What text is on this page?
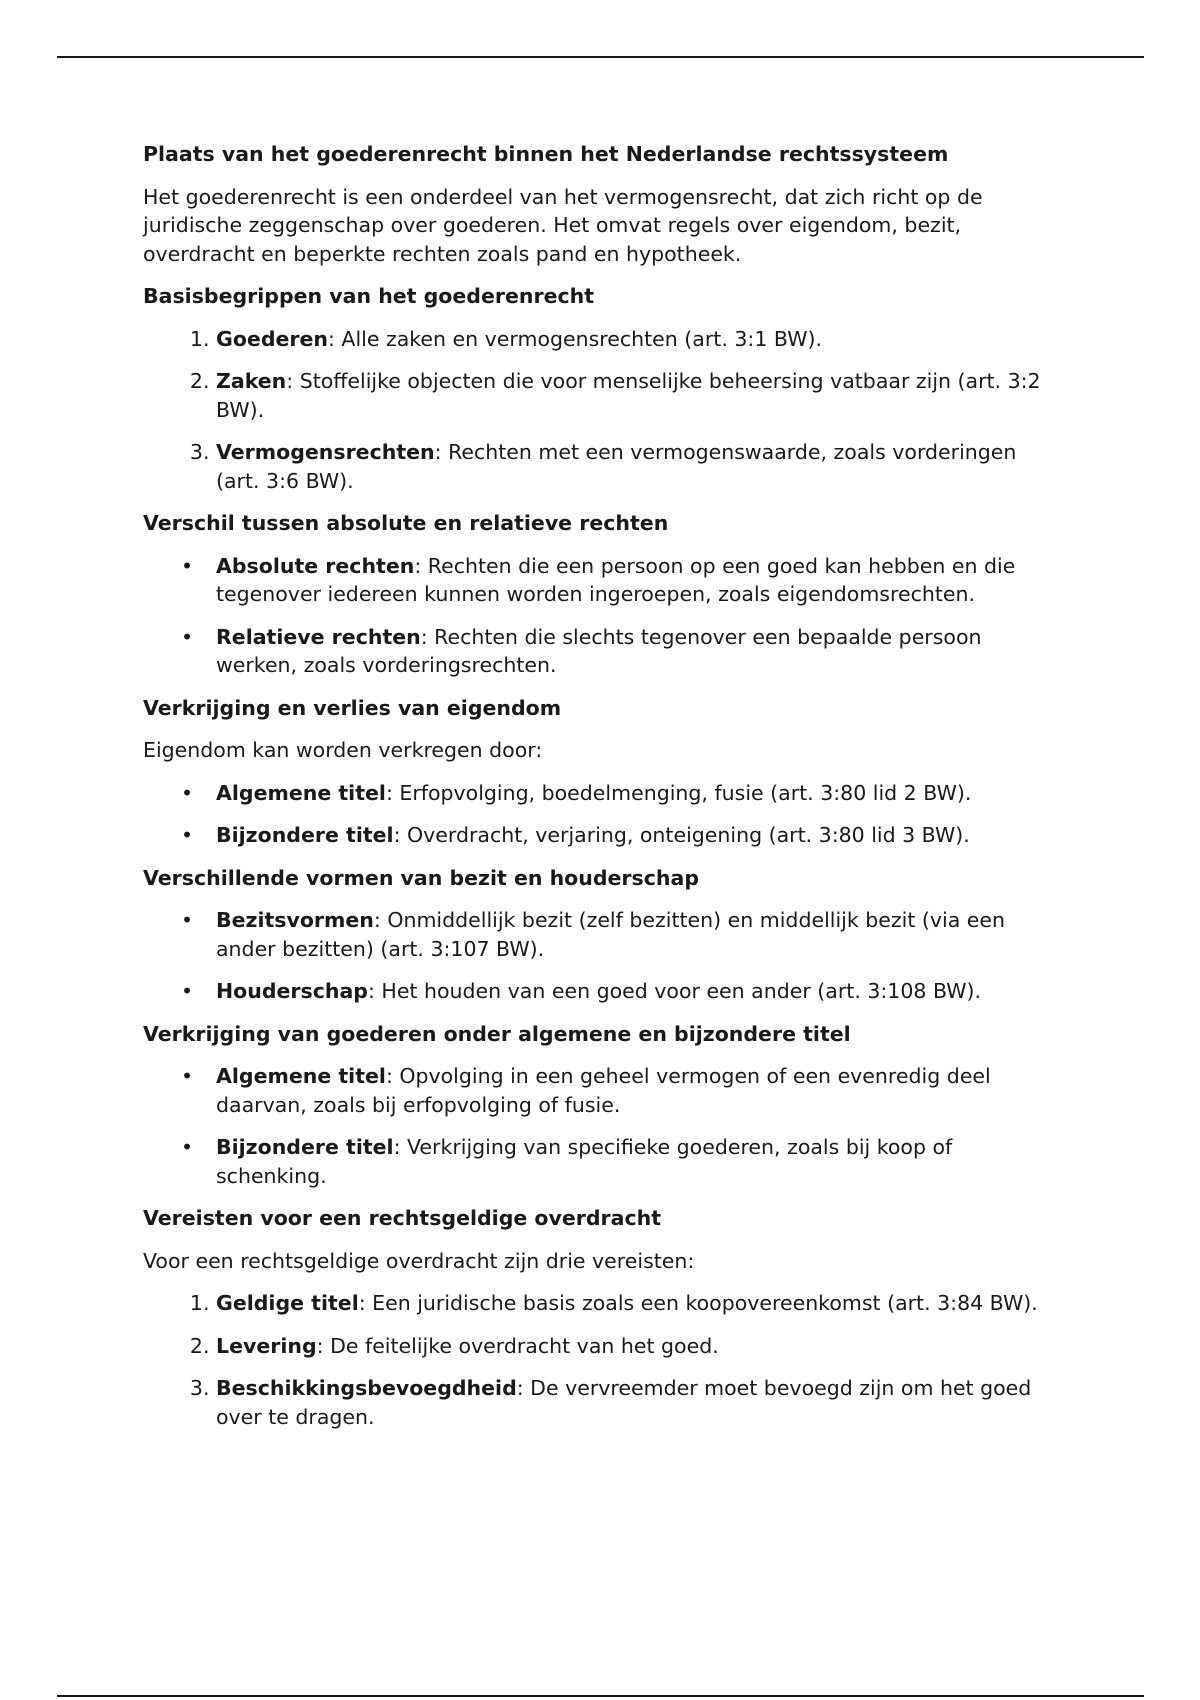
Plaats van het goederenrecht binnen het Nederlandse rechtssysteem

Het goederenrecht is een onderdeel van het vermogensrecht, dat zich richt op de juridische zeggenschap over goederen. Het omvat regels over eigendom, bezit, overdracht en beperkte rechten zoals pand en hypotheek.

Basisbegrippen van het goederenrecht
1. Goederen: Alle zaken en vermogensrechten (art. 3:1 BW).
2. Zaken: Stoffelijke objecten die voor menselijke beheersing vatbaar zijn (art. 3:2 BW).
3. Vermogensrechten: Rechten met een vermogenswaarde, zoals vorderingen (art. 3:6 BW).
Verschil tussen absolute en relatieve rechten
• Absolute rechten: Rechten die een persoon op een goed kan hebben en die tegenover iedereen kunnen worden ingeroepen, zoals eigendomsrechten.
• Relatieve rechten: Rechten die slechts tegenover een bepaalde persoon werken, zoals vorderingsrechten.
Verkrijging en verlies van eigendom

Eigendom kan worden verkregen door:

• Algemene titel: Erfopvolging, boedelmenging, fusie (art. 3:80 lid 2 BW).
• Bijzondere titel: Overdracht, verjaring, onteigening (art. 3:80 lid 3 BW).
Verschillende vormen van bezit en houderschap
• Bezitsvormen: Onmiddellijk bezit (zelf bezitten) en middellijk bezit (via een ander bezitten) (art. 3:107 BW).
• Houderschap: Het houden van een goed voor een ander (art. 3:108 BW).
Verkrijging van goederen onder algemene en bijzondere titel
• Algemene titel: Opvolging in een geheel vermogen of een evenredig deel daarvan, zoals bij erfopvolging of fusie.
• Bijzondere titel: Verkrijging van specifieke goederen, zoals bij koop of schenking.
Vereisten voor een rechtsgeldige overdracht

Voor een rechtsgeldige overdracht zijn drie vereisten:

1. Geldige titel: Een juridische basis zoals een koopovereenkomst (art. 3:84 BW).
2. Levering: De feitelijke overdracht van het goed.
3. Beschikkingsbevoegdheid: De vervreemder moet bevoegd zijn om het goed over te dragen.
